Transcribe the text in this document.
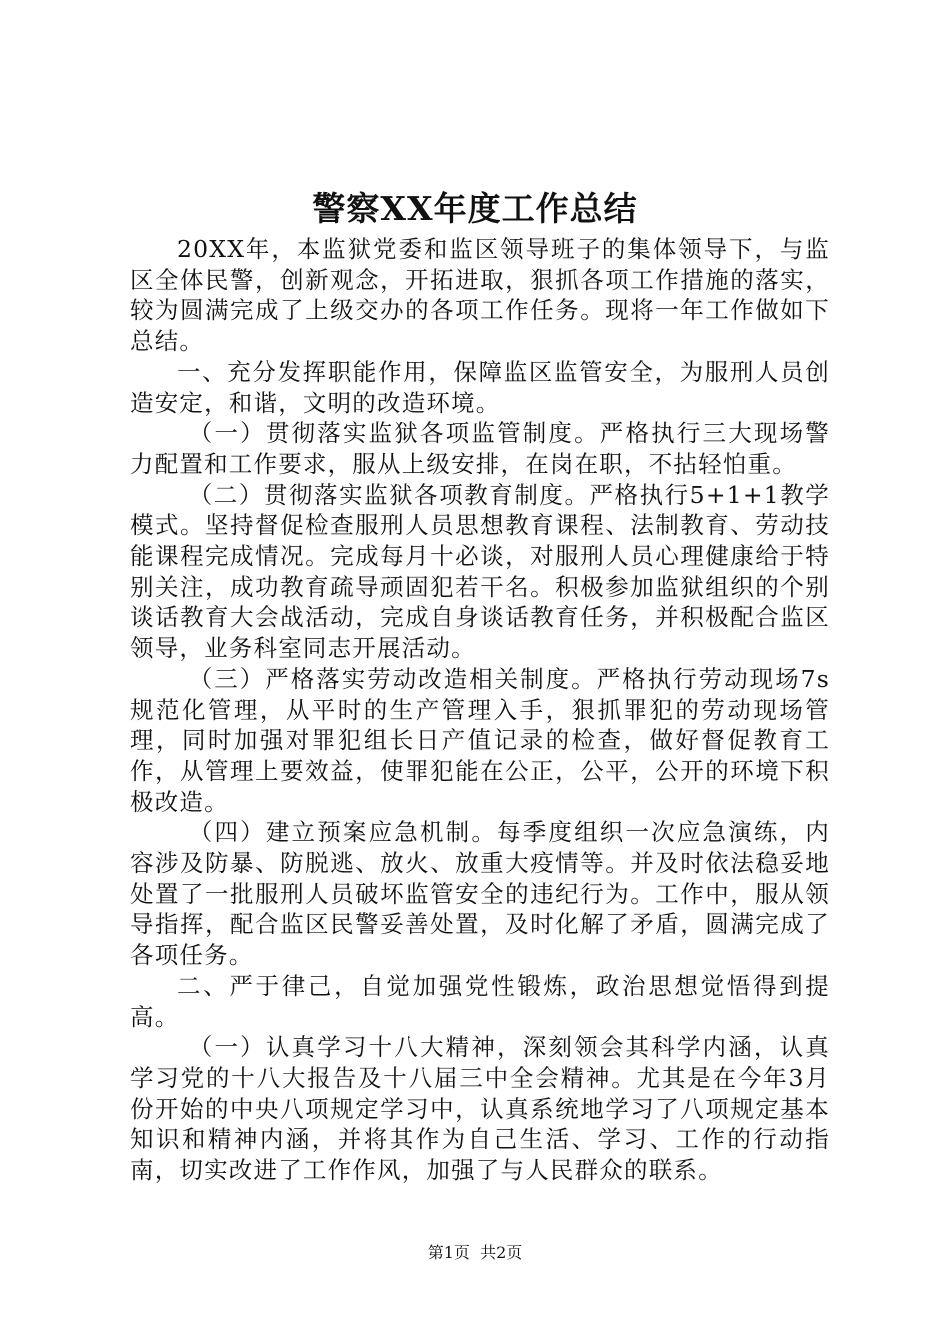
警察XX年度工作总结

20XX年，本监狱党委和监区领导班子的集体领导下，与监区全体民警，创新观念，开拓进取，狠抓各项工作措施的落实，较为圆满完成了上级交办的各项工作任务。现将一年工作做如下总结。

一、充分发挥职能作用，保障监区监管安全，为服刑人员创造安定，和谐，文明的改造环境。

（一）贯彻落实监狱各项监管制度。严格执行三大现场警力配置和工作要求，服从上级安排，在岗在职，不拈轻怕重。

（二）贯彻落实监狱各项教育制度。严格执行5+1+1教学模式。坚持督促检查服刑人员思想教育课程、法制教育、劳动技能课程完成情况。完成每月十必谈，对服刑人员心理健康给于特别关注，成功教育疏导顽固犯若干名。积极参加监狱组织的个别谈话教育大会战活动，完成自身谈话教育任务，并积极配合监区领导，业务科室同志开展活动。

（三）严格落实劳动改造相关制度。严格执行劳动现场7s规范化管理，从平时的生产管理入手，狠抓罪犯的劳动现场管理，同时加强对罪犯组长日产值记录的检查，做好督促教育工作，从管理上要效益，使罪犯能在公正，公平，公开的环境下积极改造。

（四）建立预案应急机制。每季度组织一次应急演练，内容涉及防暴、防脱逃、放火、放重大疫情等。并及时依法稳妥地处置了一批服刑人员破坏监管安全的违纪行为。工作中，服从领导指挥，配合监区民警妥善处置，及时化解了矛盾，圆满完成了各项任务。

二、严于律己，自觉加强党性锻炼，政治思想觉悟得到提高。

（一）认真学习十八大精神，深刻领会其科学内涵，认真学习党的十八大报告及十八届三中全会精神。尤其是在今年3月份开始的中央八项规定学习中，认真系统地学习了八项规定基本知识和精神内涵，并将其作为自己生活、学习、工作的行动指南，切实改进了工作作风，加强了与人民群众的联系。

第1页 共2页
